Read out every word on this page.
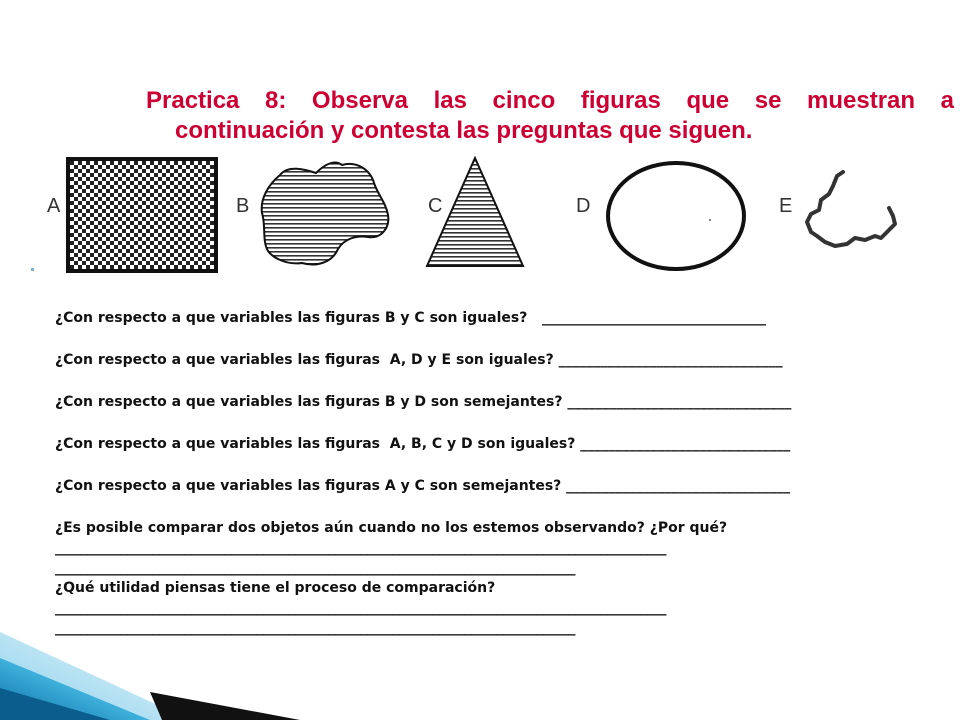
Practica 8: Observa las cinco figuras que se muestran a
continuación y contesta las preguntas que siguen.
A	B	C	D	E

¿Con respecto a que variables las figuras B y C son iguales?   ________________________________

¿Con respecto a que variables las figuras  A, D y E son iguales? ________________________________

¿Con respecto a que variables las figuras B y D son semejantes? ________________________________

¿Con respecto a que variables las figuras  A, B, C y D son iguales? ______________________________

¿Con respecto a que variables las figuras A y C son semejantes? ________________________________

¿Es posible comparar dos objetos aún cuando no los estemos observando? ¿Por qué?

______________________________________________________________________________________________

________________________________________________________________________________

¿Qué utilidad piensas tiene el proceso de comparación?

______________________________________________________________________________________________

________________________________________________________________________________
